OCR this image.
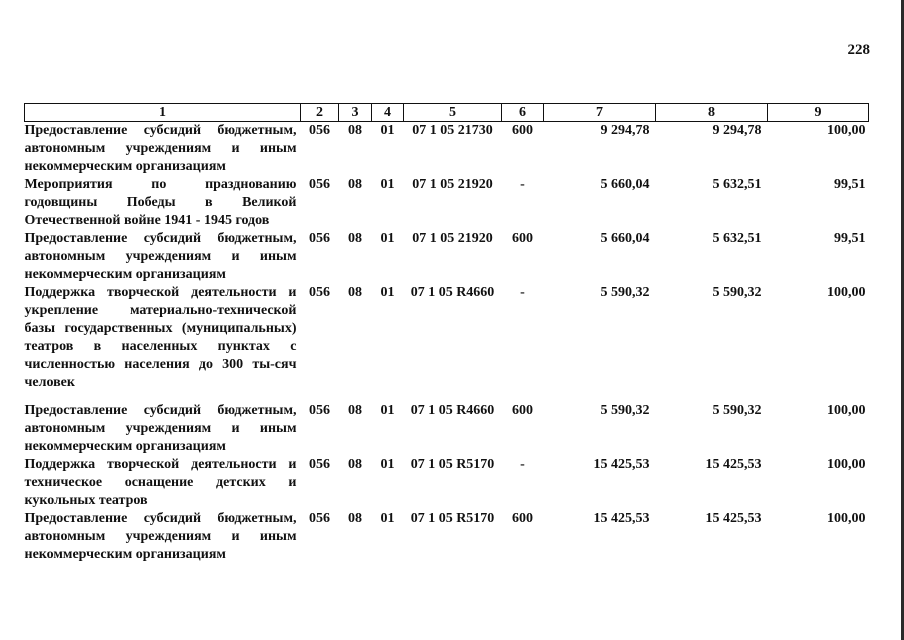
228
1	2	3	4	5	6	7	8	9
Предоставление субсидий бюджетным, автономным учреждениям и иным некоммерческим организациям	056	08	01	07 1 05 21730	600	9 294,78	9 294,78	100,00
Мероприятия по празднованию годовщины Победы в Великой Отечественной войне 1941 - 1945 годов	056	08	01	07 1 05 21920	-	5 660,04	5 632,51	99,51
Предоставление субсидий бюджетным, автономным учреждениям и иным некоммерческим организациям	056	08	01	07 1 05 21920	600	5 660,04	5 632,51	99,51
Поддержка творческой деятельности и укрепление материально-технической базы государственных (муниципальных) театров в населенных пунктах с численностью населения до 300 ты-сяч человек	056	08	01	07 1 05 R4660	-	5 590,32	5 590,32	100,00
Предоставление субсидий бюджетным, автономным учреждениям и иным некоммерческим организациям	056	08	01	07 1 05 R4660	600	5 590,32	5 590,32	100,00
Поддержка творческой деятельности и техническое оснащение детских и кукольных театров	056	08	01	07 1 05 R5170	-	15 425,53	15 425,53	100,00
Предоставление субсидий бюджетным, автономным учреждениям и иным некоммерческим организациям	056	08	01	07 1 05 R5170	600	15 425,53	15 425,53	100,00
